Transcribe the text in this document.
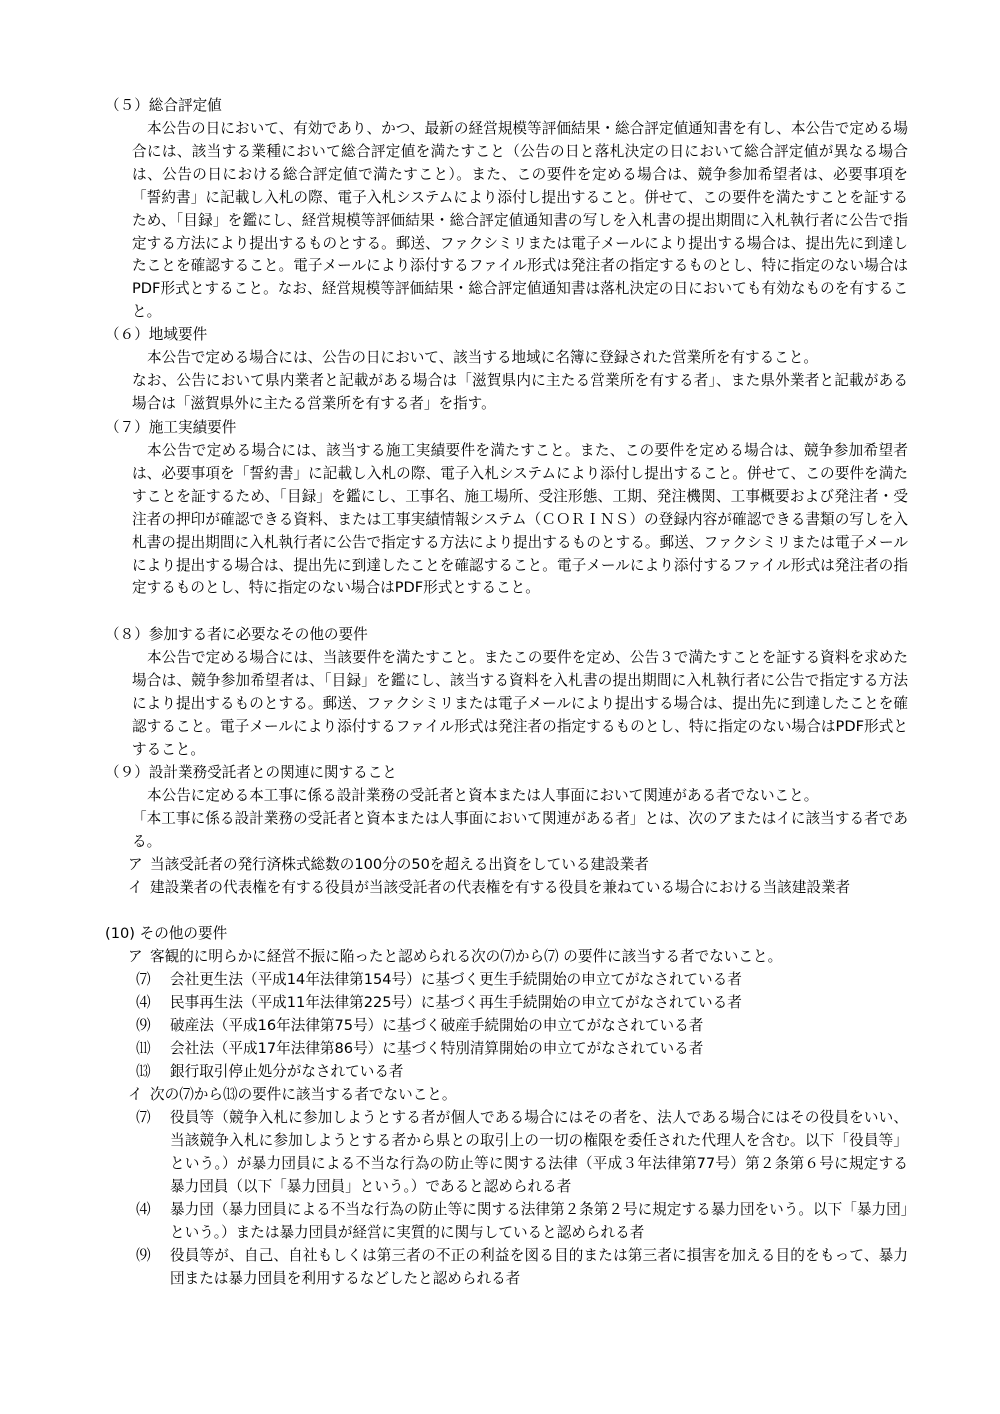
（５）総合評定値

本公告の日において、有効であり、かつ、最新の経営規模等評価結果・総合評定値通知書を有し、本公告で定める場合には、該当する業種において総合評定値を満たすこと（公告の日と落札決定の日において総合評定値が異なる場合は、公告の日における総合評定値で満たすこと）。また、この要件を定める場合は、競争参加希望者は、必要事項を「誓約書」に記載し入札の際、電子入札システムにより添付し提出すること。併せて、この要件を満たすことを証するため、「目録」を鑑にし、経営規模等評価結果・総合評定値通知書の写しを入札書の提出期間に入札執行者に公告で指定する方法により提出するものとする。郵送、ファクシミリまたは電子メールにより提出する場合は、提出先に到達したことを確認すること。電子メールにより添付するファイル形式は発注者の指定するものとし、特に指定のない場合はPDF形式とすること。なお、経営規模等評価結果・総合評定値通知書は落札決定の日においても有効なものを有すること。

（６）地域要件

本公告で定める場合には、公告の日において、該当する地域に名簿に登録された営業所を有すること。

なお、公告において県内業者と記載がある場合は「滋賀県内に主たる営業所を有する者」、また県外業者と記載がある場合は「滋賀県外に主たる営業所を有する者」を指す。

（７）施工実績要件

本公告で定める場合には、該当する施工実績要件を満たすこと。また、この要件を定める場合は、競争参加希望者は、必要事項を「誓約書」に記載し入札の際、電子入札システムにより添付し提出すること。併せて、この要件を満たすことを証するため、「目録」を鑑にし、工事名、施工場所、受注形態、工期、発注機関、工事概要および発注者・受注者の押印が確認できる資料、または工事実績情報システム（ＣＯＲＩＮＳ）の登録内容が確認できる書類の写しを入札書の提出期間に入札執行者に公告で指定する方法により提出するものとする。郵送、ファクシミリまたは電子メールにより提出する場合は、提出先に到達したことを確認すること。電子メールにより添付するファイル形式は発注者の指定するものとし、特に指定のない場合はPDF形式とすること。

（８）参加する者に必要なその他の要件

本公告で定める場合には、当該要件を満たすこと。またこの要件を定め、公告３で満たすことを証する資料を求めた場合は、競争参加希望者は、「目録」を鑑にし、該当する資料を入札書の提出期間に入札執行者に公告で指定する方法により提出するものとする。郵送、ファクシミリまたは電子メールにより提出する場合は、提出先に到達したことを確認すること。電子メールにより添付するファイル形式は発注者の指定するものとし、特に指定のない場合はPDF形式とすること。

（９）設計業務受託者との関連に関すること

本公告に定める本工事に係る設計業務の受託者と資本または人事面において関連がある者でないこと。

「本工事に係る設計業務の受託者と資本または人事面において関連がある者」とは、次のアまたはイに該当する者である。

ア 当該受託者の発行済株式総数の100分の50を超える出資をしている建設業者
イ 建設業者の代表権を有する役員が当該受託者の代表権を有する役員を兼ねている場合における当該建設業者
(10) その他の要件
ア 客観的に明らかに経営不振に陥ったと認められる次の⑺から⑺ の要件に該当する者でないこと。
⑺	会社更生法（平成14年法律第154号）に基づく更生手続開始の申立てがなされている者
⑷	民事再生法（平成11年法律第225号）に基づく再生手続開始の申立てがなされている者
⑼	破産法（平成16年法律第75号）に基づく破産手続開始の申立てがなされている者
⑾	会社法（平成17年法律第86号）に基づく特別清算開始の申立てがなされている者
⒀	銀行取引停止処分がなされている者
イ 次の⑺から⒀の要件に該当する者でないこと。
⑺	役員等（競争入札に参加しようとする者が個人である場合にはその者を、法人である場合にはその役員をいい、当該競争入札に参加しようとする者から県との取引上の一切の権限を委任された代理人を含む。以下「役員等」という。）が暴力団員による不当な行為の防止等に関する法律（平成３年法律第77号）第２条第６号に規定する暴力団員（以下「暴力団員」という。）であると認められる者
⑷	暴力団（暴力団員による不当な行為の防止等に関する法律第２条第２号に規定する暴力団をいう。以下「暴力団」という。）または暴力団員が経営に実質的に関与していると認められる者
⑼	役員等が、自己、自社もしくは第三者の不正の利益を図る目的または第三者に損害を加える目的をもって、暴力団または暴力団員を利用するなどしたと認められる者
